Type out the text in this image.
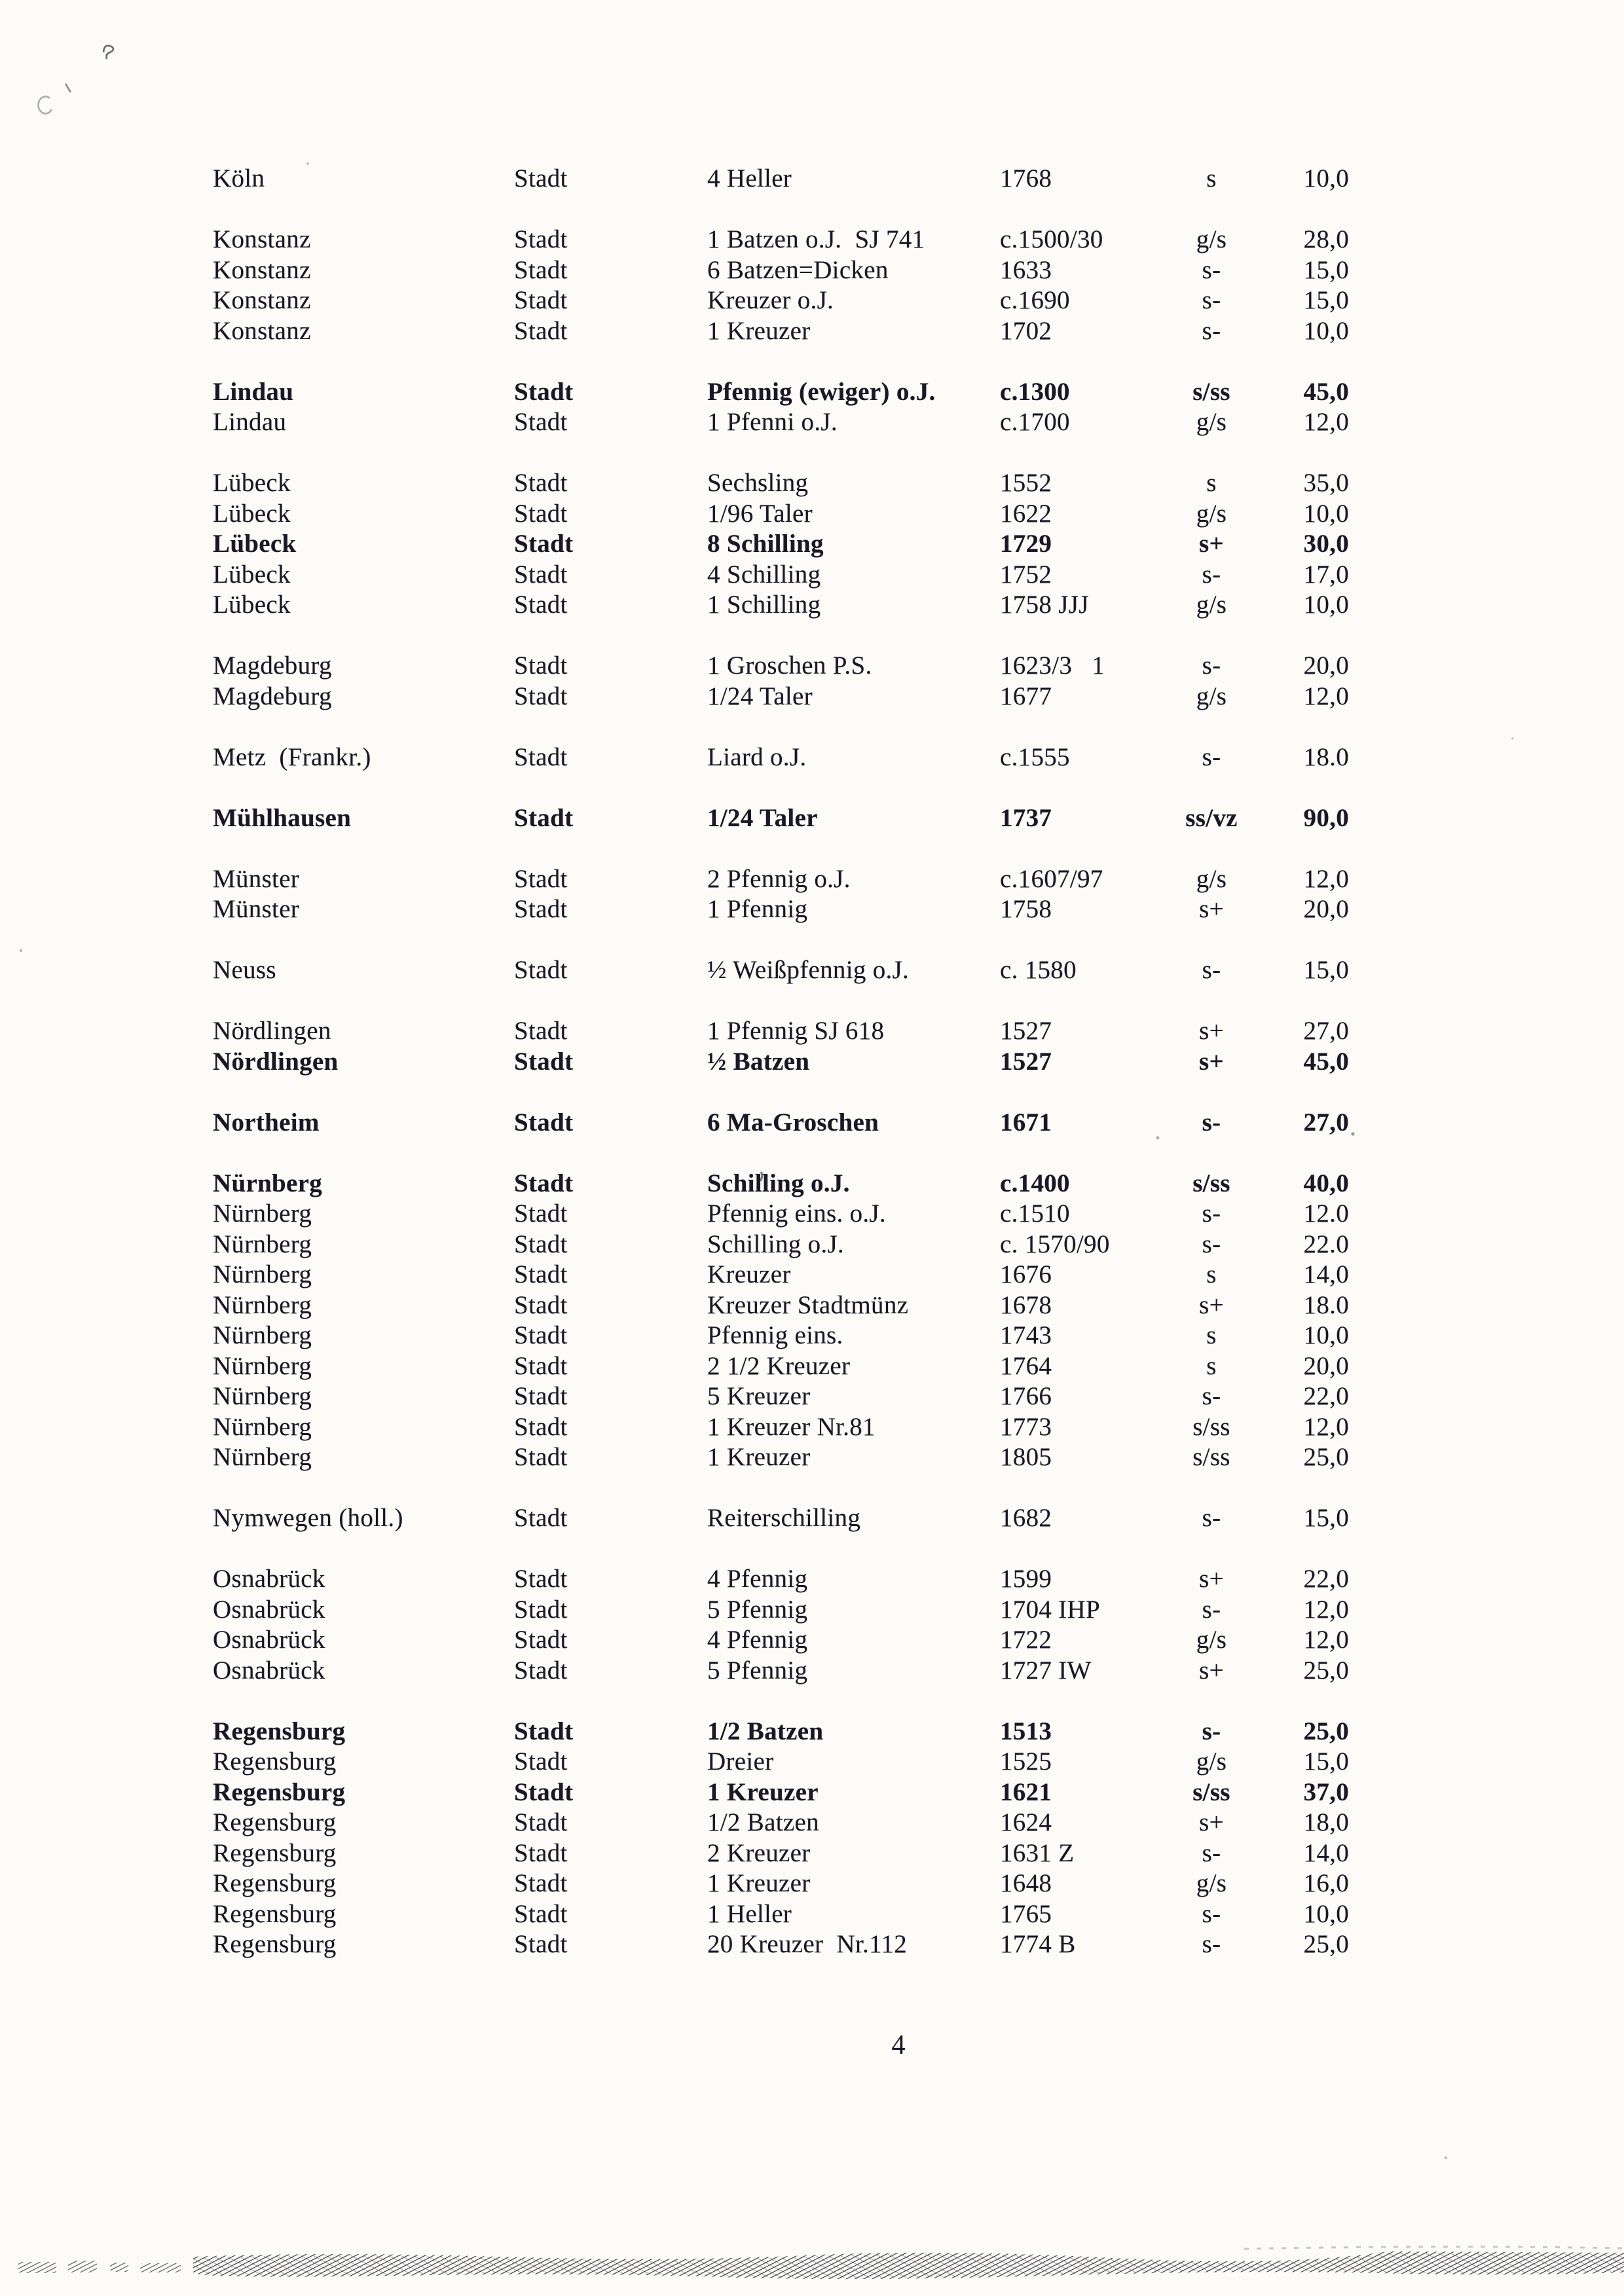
Köln	Stadt	4 Heller	1768	s	10,0
Konstanz	Stadt	1 Batzen o.J.  SJ 741	c.1500/30	g/s	28,0
Konstanz	Stadt	6 Batzen=Dicken	1633	s-	15,0
Konstanz	Stadt	Kreuzer o.J.	c.1690	s-	15,0
Konstanz	Stadt	1 Kreuzer	1702	s-	10,0
Lindau	Stadt	Pfennig (ewiger) o.J.	c.1300	s/ss	45,0
Lindau	Stadt	1 Pfenni o.J.	c.1700	g/s	12,0
Lübeck	Stadt	Sechsling	1552	s	35,0
Lübeck	Stadt	1/96 Taler	1622	g/s	10,0
Lübeck	Stadt	8 Schilling	1729	s+	30,0
Lübeck	Stadt	4 Schilling	1752	s-	17,0
Lübeck	Stadt	1 Schilling	1758 JJJ	g/s	10,0
Magdeburg	Stadt	1 Groschen P.S.	1623/3   1	s-	20,0
Magdeburg	Stadt	1/24 Taler	1677	g/s	12,0
Metz  (Frankr.)	Stadt	Liard o.J.	c.1555	s-	18.0
Mühlhausen	Stadt	1/24 Taler	1737	ss/vz	90,0
Münster	Stadt	2 Pfennig o.J.	c.1607/97	g/s	12,0
Münster	Stadt	1 Pfennig	1758	s+	20,0
Neuss	Stadt	½ Weißpfennig o.J.	c. 1580	s-	15,0
Nördlingen	Stadt	1 Pfennig SJ 618	1527	s+	27,0
Nördlingen	Stadt	½ Batzen	1527	s+	45,0
Northeim	Stadt	6 Ma-Groschen	1671	s-	27,0
Nürnberg	Stadt	Schilling o.J.	c.1400	s/ss	40,0
Nürnberg	Stadt	Pfennig eins. o.J.	c.1510	s-	12.0
Nürnberg	Stadt	Schilling o.J.	c. 1570/90	s-	22.0
Nürnberg	Stadt	Kreuzer	1676	s	14,0
Nürnberg	Stadt	Kreuzer Stadtmünz	1678	s+	18.0
Nürnberg	Stadt	Pfennig eins.	1743	s	10,0
Nürnberg	Stadt	2 1/2 Kreuzer	1764	s	20,0
Nürnberg	Stadt	5 Kreuzer	1766	s-	22,0
Nürnberg	Stadt	1 Kreuzer Nr.81	1773	s/ss	12,0
Nürnberg	Stadt	1 Kreuzer	1805	s/ss	25,0
Nymwegen (holl.)	Stadt	Reiterschilling	1682	s-	15,0
Osnabrück	Stadt	4 Pfennig	1599	s+	22,0
Osnabrück	Stadt	5 Pfennig	1704 IHP	s-	12,0
Osnabrück	Stadt	4 Pfennig	1722	g/s	12,0
Osnabrück	Stadt	5 Pfennig	1727 IW	s+	25,0
Regensburg	Stadt	1/2 Batzen	1513	s-	25,0
Regensburg	Stadt	Dreier	1525	g/s	15,0
Regensburg	Stadt	1 Kreuzer	1621	s/ss	37,0
Regensburg	Stadt	1/2 Batzen	1624	s+	18,0
Regensburg	Stadt	2 Kreuzer	1631 Z	s-	14,0
Regensburg	Stadt	1 Kreuzer	1648	g/s	16,0
Regensburg	Stadt	1 Heller	1765	s-	10,0
Regensburg	Stadt	20 Kreuzer  Nr.112	1774 B	s-	25,0
4
